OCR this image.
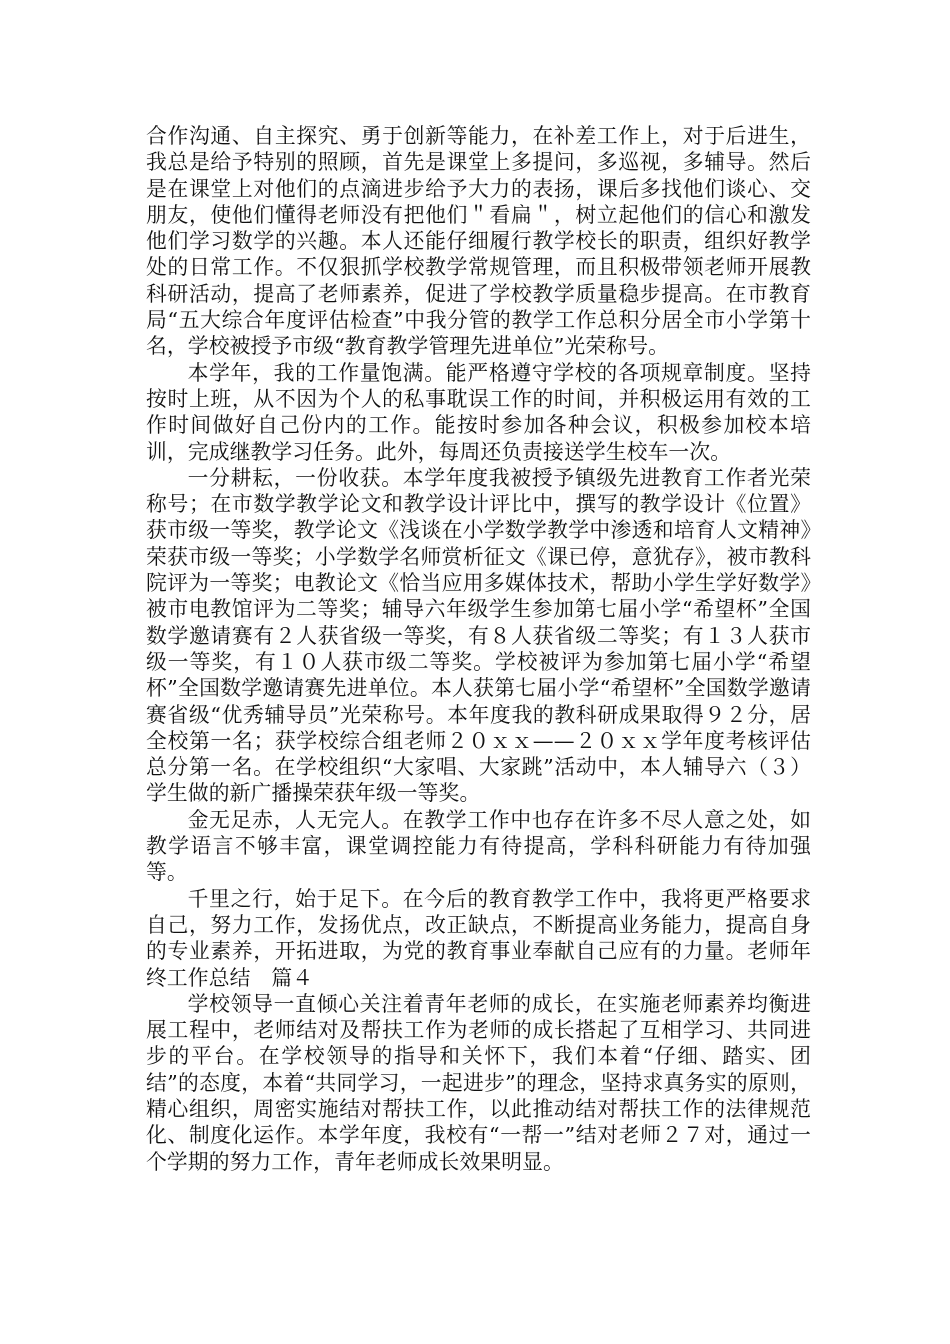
合作沟通、自主探究、勇于创新等能力，在补差工作上，对于后进生，我总是给予特别的照顾，首先是课堂上多提问，多巡视，多辅导。然后是在课堂上对他们的点滴进步给予大力的表扬，课后多找他们谈心、交朋友，使他们懂得老师没有把他们＂看扁＂，树立起他们的信心和激发他们学习数学的兴趣。本人还能仔细履行教学校长的职责，组织好教学处的日常工作。不仅狠抓学校教学常规管理，而且积极带领老师开展教科研活动，提高了老师素养，促进了学校教学质量稳步提高。在市教育局“五大综合年度评估检查”中我分管的教学工作总积分居全市小学第十名，学校被授予市级“教育教学管理先进单位”光荣称号。

本学年，我的工作量饱满。能严格遵守学校的各项规章制度。坚持按时上班，从不因为个人的私事耽误工作的时间，并积极运用有效的工作时间做好自己份内的工作。能按时参加各种会议，积极参加校本培训，完成继教学习任务。此外，每周还负责接送学生校车一次。

一分耕耘，一份收获。本学年度我被授予镇级先进教育工作者光荣称号；在市数学教学论文和教学设计评比中，撰写的教学设计《位置》获市级一等奖，教学论文《浅谈在小学数学教学中渗透和培育人文精神》荣获市级一等奖；小学数学名师赏析征文《课已停，意犹存》，被市教科院评为一等奖；电教论文《恰当应用多媒体技术，帮助小学生学好数学》被市电教馆评为二等奖；辅导六年级学生参加第七届小学“希望杯”全国数学邀请赛有２人获省级一等奖，有８人获省级二等奖；有１３人获市级一等奖，有１０人获市级二等奖。学校被评为参加第七届小学“希望杯”全国数学邀请赛先进单位。本人获第七届小学“希望杯”全国数学邀请赛省级“优秀辅导员”光荣称号。本年度我的教科研成果取得９２分，居全校第一名；获学校综合组老师２０ｘｘ——２０ｘｘ学年度考核评估总分第一名。在学校组织“大家唱、大家跳”活动中，本人辅导六（３）学生做的新广播操荣获年级一等奖。

金无足赤，人无完人。在教学工作中也存在许多不尽人意之处，如教学语言不够丰富，课堂调控能力有待提高，学科科研能力有待加强等。

千里之行，始于足下。在今后的教育教学工作中，我将更严格要求自己，努力工作，发扬优点，改正缺点，不断提高业务能力，提高自身的专业素养，开拓进取，为党的教育事业奉献自己应有的力量。老师年终工作总结　篇４

学校领导一直倾心关注着青年老师的成长，在实施老师素养均衡进展工程中，老师结对及帮扶工作为老师的成长搭起了互相学习、共同进步的平台。在学校领导的指导和关怀下，我们本着“仔细、踏实、团结”的态度，本着“共同学习，一起进步”的理念，坚持求真务实的原则，精心组织，周密实施结对帮扶工作，以此推动结对帮扶工作的法律规范化、制度化运作。本学年度，我校有“一帮一”结对老师２７对，通过一个学期的努力工作，青年老师成长效果明显。
